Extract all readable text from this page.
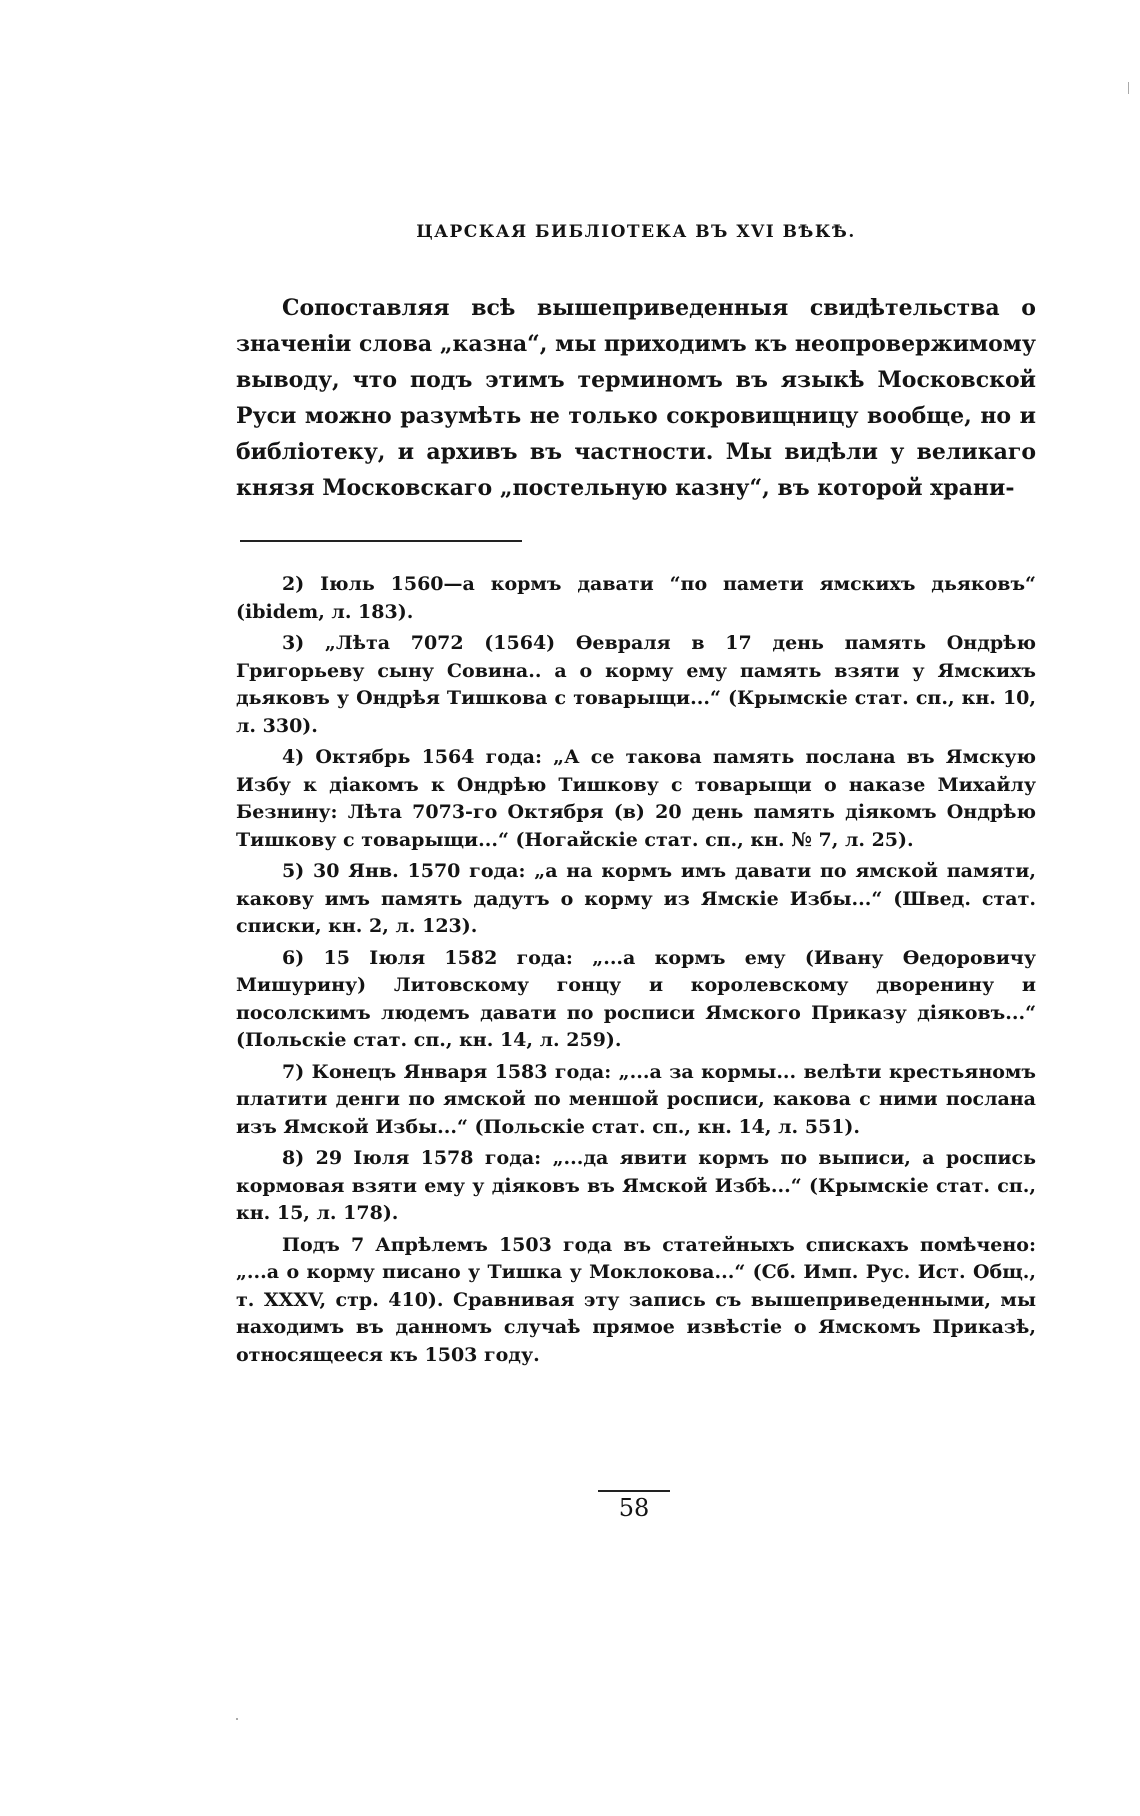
ЦАРСКАЯ БИБЛІОТЕКА ВЪ XVI ВѢКѢ.

Сопоставляя всѣ вышеприведенныя свидѣтельства о значеніи слова „казна“, мы приходимъ къ неопровержимому выводу, что подъ этимъ терминомъ въ языкѣ Московской Руси можно разумѣть не только сокровищницу вообще, но и библіотеку, и архивъ въ частности. Мы видѣли у великаго князя Московскаго „постельную казну“, въ которой храни-

2) Іюль 1560—а кормъ давати “по памети ямскихъ дьяковъ“ (ibidem, л. 183).

3) „Лѣта 7072 (1564) Ѳевраля в 17 день память Ондрѣю Григорьеву сыну Совина.. а о корму ему память взяти у Ямскихъ дьяковъ у Ондрѣя Тишкова с товарыщи...“ (Крымскіе стат. сп., кн. 10, л. 330).

4) Октябрь 1564 года: „А се такова память послана въ Ямскую Избу к діакомъ к Ондрѣю Тишкову с товарыщи о наказе Михайлу Безнину: Лѣта 7073-го Октября (в) 20 день память діякомъ Ондрѣю Тишкову с товарыщи...“ (Ногайскіе стат. сп., кн. № 7, л. 25).

5) 30 Янв. 1570 года: „а на кормъ имъ давати по ямской памяти, какову имъ память дадутъ о корму из Ямскіе Избы...“ (Швед. стат. списки, кн. 2, л. 123).

6) 15 Іюля 1582 года: „...а кормъ ему (Ивану Ѳедоровичу Мишурину) Литовскому гонцу и королевскому дворенину и посолскимъ людемъ давати по росписи Ямского Приказу діяковъ...“ (Польскіе стат. сп., кн. 14, л. 259).

7) Конецъ Января 1583 года: „...а за кормы... велѣти крестьяномъ платити денги по ямской по меншой росписи, какова с ними послана изъ Ямской Избы...“ (Польскіе стат. сп., кн. 14, л. 551).

8) 29 Іюля 1578 года: „...да явити кормъ по выписи, а роспись кормовая взяти ему у діяковъ въ Ямской Избѣ...“ (Крымскіе стат. сп., кн. 15, л. 178).

Подъ 7 Апрѣлемъ 1503 года въ статейныхъ спискахъ помѣчено: „...а о корму писано у Тишка у Моклокова...“ (Сб. Имп. Рус. Ист. Общ., т. XXXV, стр. 410). Сравнивая эту запись съ вышеприведенными, мы находимъ въ данномъ случаѣ прямое извѣстіе о Ямскомъ Приказѣ, относящееся къ 1503 году.

58
